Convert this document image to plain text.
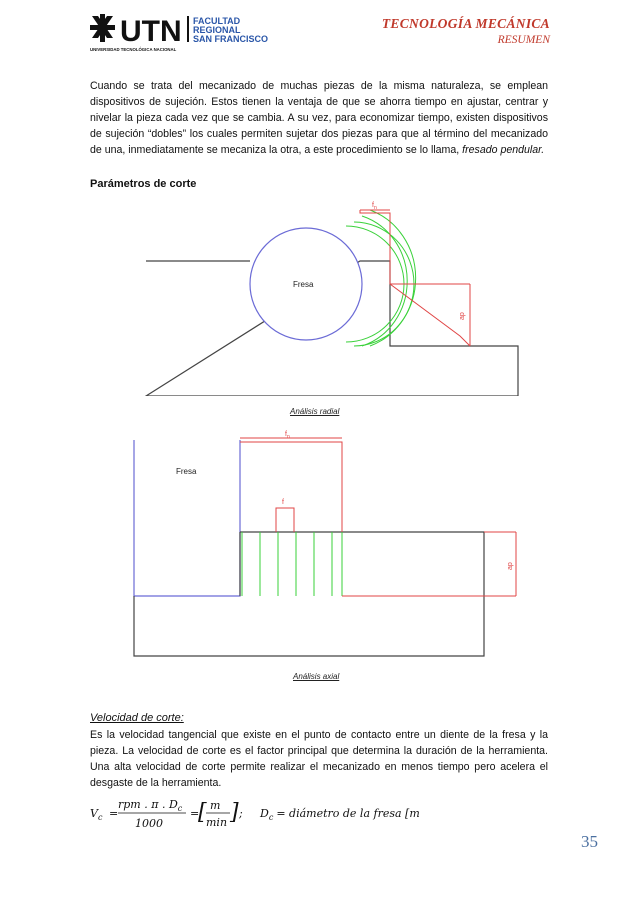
UTN FACULTAD
REGIONAL
SAN FRANCISCO
UNIVERSIDAD TECNOLÓGICA NACIONAL
TECNOLOGÍA MECÁNICA
RESUMEN
Cuando se trata del mecanizado de muchas piezas de la misma naturaleza, se emplean dispositivos de sujeción. Estos tienen la ventaja de que se ahorra tiempo en ajustar, centrar y nivelar la pieza cada vez que se cambia. A su vez, para economizar tiempo, existen dispositivos de sujeción “dobles” los cuales permiten sujetar dos piezas para que al término del mecanizado de una, inmediatamente se mecaniza la otra, a este procedimiento se lo llama, fresado pendular.
Parámetros de corte
Fresa
$f_n$
ap
Análisis radial
Fresa
$f_n$
f
ap
Análisis axial
Velocidad de corte:
Es la velocidad tangencial que existe en el punto de contacto entre un diente de la fresa y la pieza. La velocidad de corte es el factor principal que determina la duración de la herramienta. Una alta velocidad de corte permite realizar el mecanizado en menos tiempo pero acelera el desgaste de la herramienta.
$V_c$ =
rpm . π . $D_c$
1000
=
[ m
min ] ; $D_c$ = diámetro de la fresa [mm]
35
